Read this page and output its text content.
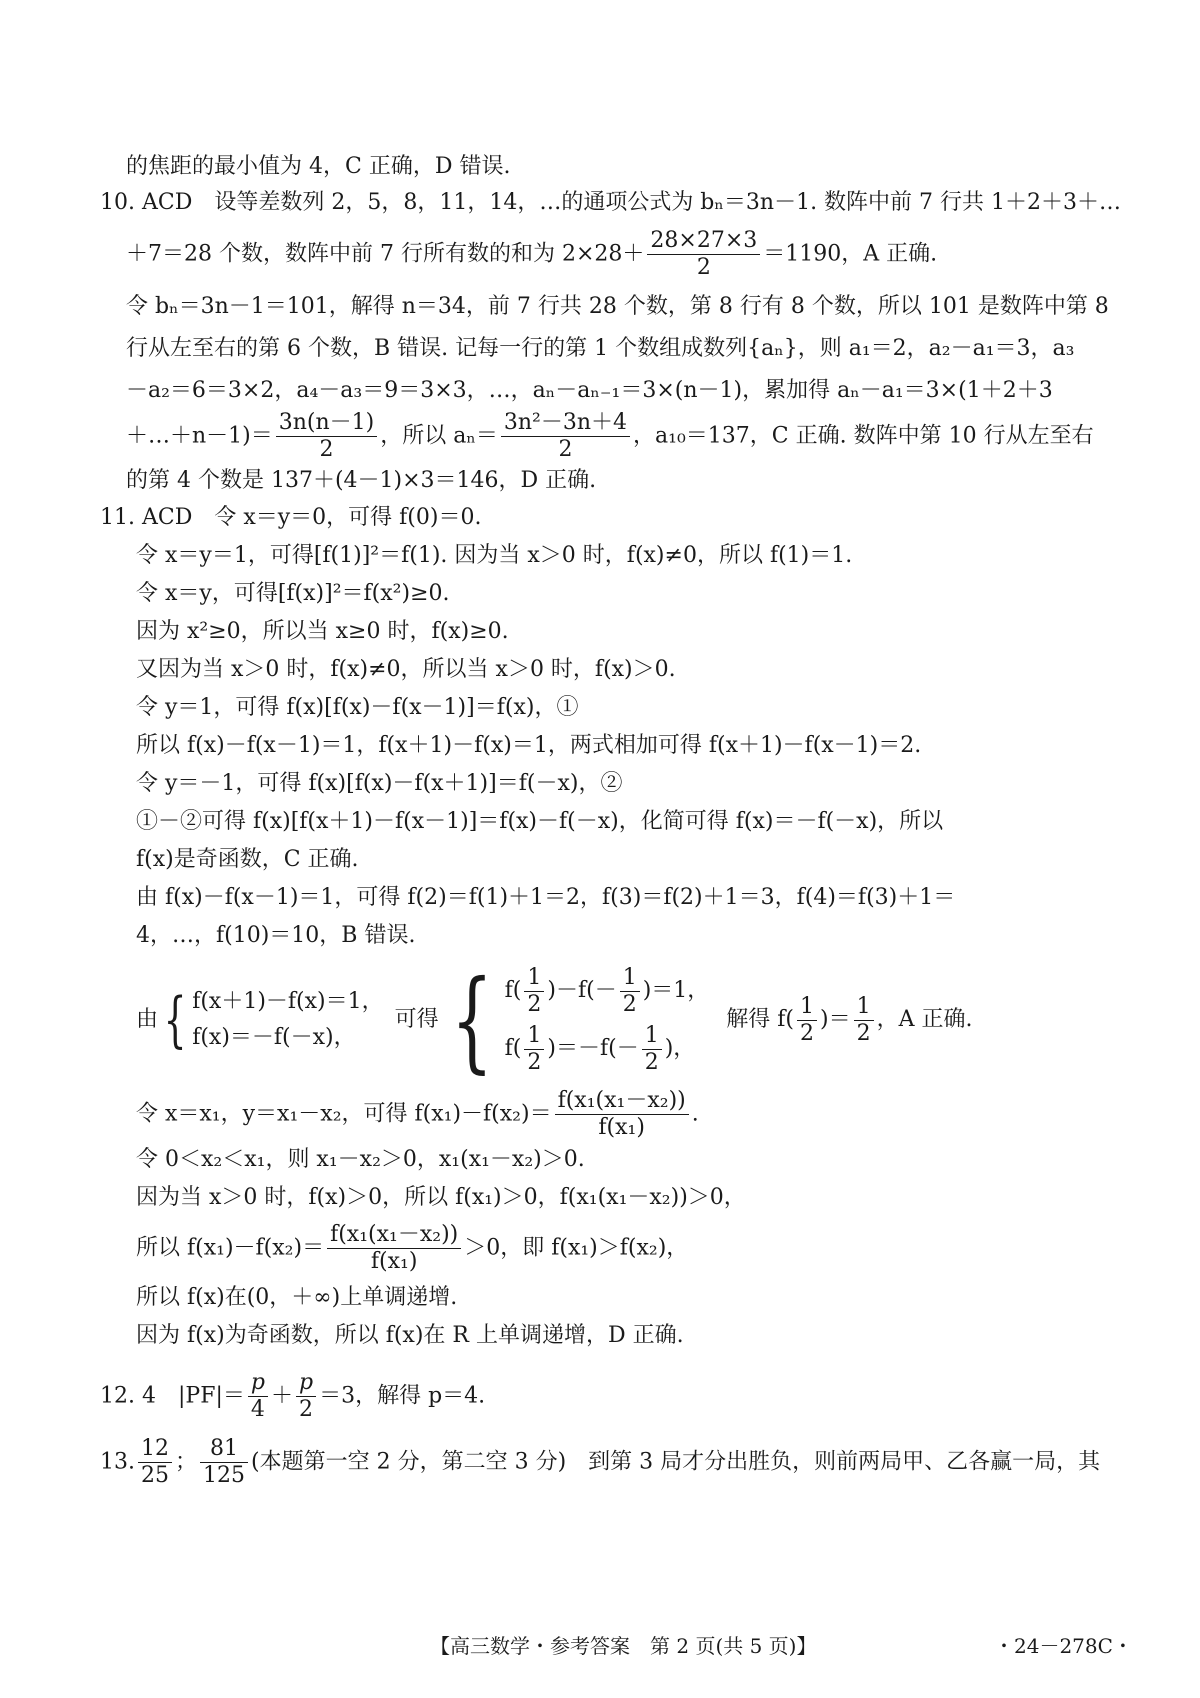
的焦距的最小值为 4，C 正确，D 错误.
10. ACD　设等差数列 2，5，8，11，14，…的通项公式为 bₙ＝3n－1. 数阵中前 7 行共 1＋2＋3＋…
＋7＝28 个数，数阵中前 7 行所有数的和为 $2\times 28+ \frac{28\times 27\times 3}{2} =1190$，A 正确.
令 bₙ＝3n－1＝101，解得 n＝34，前 7 行共 28 个数，第 8 行有 8 个数，所以 101 是数阵中第 8
行从左至右的第 6 个数，B 错误. 记每一行的第 1 个数组成数列{aₙ}，则 a₁＝2，a₂－a₁＝3，a₃
－a₂＝6＝3×2，a₄－a₃＝9＝3×3，…，aₙ－aₙ₋₁＝3×(n－1)，累加得 aₙ－a₁＝3×(1＋2＋3
＋…＋n－1)＝ $\frac{3n(n-1)}{2}$ ，所以 $a_n= \frac{\text{3n²－3n＋4}}{2}$ ，a₁₀＝137，C 正确. 数阵中第 10 行从左至右
的第 4 个数是 137＋(4－1)×3＝146，D 正确.
11. ACD　令 x＝y＝0，可得 f(0)＝0.
令 x＝y＝1，可得[f(1)]²＝f(1). 因为当 x＞0 时，f(x)≠0，所以 f(1)＝1.
令 x＝y，可得[f(x)]²＝f(x²)≥0.
因为 x²≥0，所以当 x≥0 时，f(x)≥0.
又因为当 x＞0 时，f(x)≠0，所以当 x＞0 时，f(x)＞0.
令 y＝1，可得 f(x)[f(x)－f(x－1)]＝f(x)，①
所以 f(x)－f(x－1)＝1，f(x＋1)－f(x)＝1，两式相加可得 f(x＋1)－f(x－1)＝2.
令 y＝－1，可得 f(x)[f(x)－f(x＋1)]＝f(－x)，②
①－②可得 f(x)[f(x＋1)－f(x－1)]＝f(x)－f(－x)，化简可得 f(x)＝－f(－x)，所以
f(x)是奇函数，C 正确.
由 f(x)－f(x－1)＝1，可得 f(2)＝f(1)＋1＝2，f(3)＝f(2)＋1＝3，f(4)＝f(3)＋1＝
4，…，f(10)＝10，B 错误.
由{ f(x＋1)－f(x)＝1，
f(x)＝－f(－x)，
可得 { $f( \frac{1}{2} )-f(- \frac{1}{2} )=1$，
$f( \frac{1}{2} )=-f(- \frac{1}{2}$ )，
解得 $f( \frac{1}{2}$ )＝ $\frac{1}{2}$ ，A 正确.
令 x＝x₁，y＝x₁－x₂，可得 $f(x_1)-f(x_2)= \frac{\text{f(x₁(x₁－x₂))}}{\text{f(x₁)}}$ .
令 0＜x₂＜x₁，则 x₁－x₂＞0，x₁(x₁－x₂)＞0.
因为当 x＞0 时，f(x)＞0，所以 f(x₁)＞0，f(x₁(x₁－x₂))＞0，
所以 $f(x_1)-f(x_2)= \frac{\text{f(x₁(x₁－x₂))}}{\text{f(x₁)}} >0$，即 f(x₁)＞f(x₂)，
所以 f(x)在(0，＋∞)上单调递增.
因为 f(x)为奇函数，所以 f(x)在 R 上单调递增，D 正确.
12. 4　$|PF|= \frac{p}{4} + \frac{p}{2} =3$，解得 p＝4.
13. $\frac{12}{25}$ ； $\frac{81}{125}$ (本题第一空 2 分，第二空 3 分)　到第 3 局才分出胜负，则前两局甲、乙各赢一局，其
【高三数学・参考答案　第 2 页(共 5 页)】	・24－278C・
